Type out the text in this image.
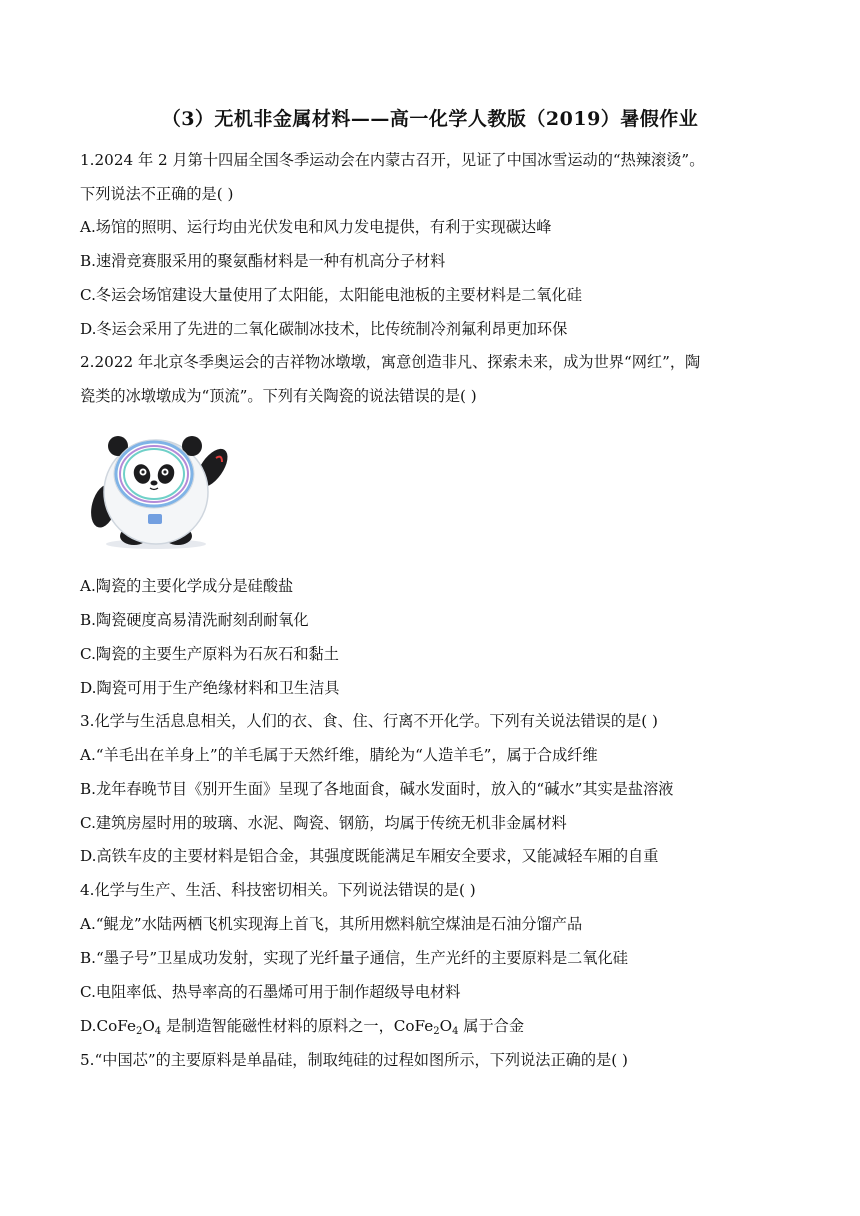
（3）无机非金属材料——高一化学人教版（2019）暑假作业
1.2024 年 2 月第十四届全国冬季运动会在内蒙古召开，见证了中国冰雪运动的“热辣滚烫”。
下列说法不正确的是( )
A.场馆的照明、运行均由光伏发电和风力发电提供，有利于实现碳达峰
B.速滑竞赛服采用的聚氨酯材料是一种有机高分子材料
C.冬运会场馆建设大量使用了太阳能，太阳能电池板的主要材料是二氧化硅
D.冬运会采用了先进的二氧化碳制冰技术，比传统制冷剂氟利昂更加环保
2.2022 年北京冬季奥运会的吉祥物冰墩墩，寓意创造非凡、探索未来，成为世界“网红”，陶
瓷类的冰墩墩成为“顶流”。下列有关陶瓷的说法错误的是( )
A.陶瓷的主要化学成分是硅酸盐
B.陶瓷硬度高易清洗耐刻刮耐氧化
C.陶瓷的主要生产原料为石灰石和黏土
D.陶瓷可用于生产绝缘材料和卫生洁具
3.化学与生活息息相关，人们的衣、食、住、行离不开化学。下列有关说法错误的是( )
A.“羊毛出在羊身上”的羊毛属于天然纤维，腈纶为“人造羊毛”，属于合成纤维
B.龙年春晚节目《别开生面》呈现了各地面食，碱水发面时，放入的“碱水”其实是盐溶液
C.建筑房屋时用的玻璃、水泥、陶瓷、钢筋，均属于传统无机非金属材料
D.高铁车皮的主要材料是铝合金，其强度既能满足车厢安全要求，又能减轻车厢的自重
4.化学与生产、生活、科技密切相关。下列说法错误的是( )
A.“鲲龙”水陆两栖飞机实现海上首飞，其所用燃料航空煤油是石油分馏产品
B.“墨子号”卫星成功发射，实现了光纤量子通信，生产光纤的主要原料是二氧化硅
C.电阻率低、热导率高的石墨烯可用于制作超级导电材料
$D.CoFe_2O_4$ 是制造智能磁性材料的原料之一，$CoFe_2O_4$ 属于合金
5.“中国芯”的主要原料是单晶硅，制取纯硅的过程如图所示，下列说法正确的是( )
